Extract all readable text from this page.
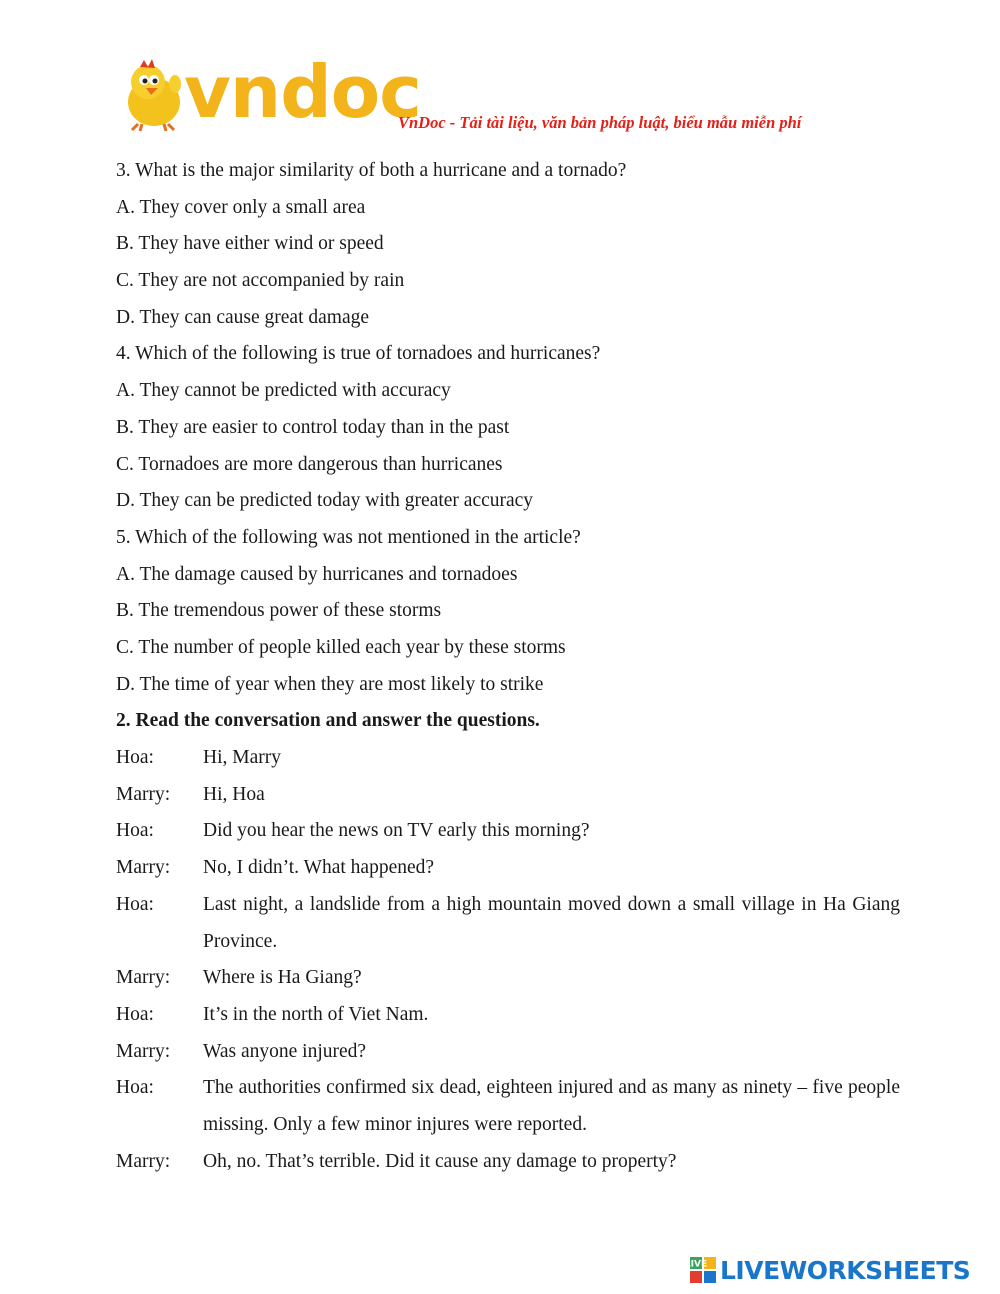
vndoc
VnDoc - Tải tài liệu, văn bản pháp luật, biểu mẫu miễn phí
3. What is the major similarity of both a hurricane and a tornado?
A. They cover only a small area
B. They have either wind or speed
C. They are not accompanied by rain
D. They can cause great damage
4. Which of the following is true of tornadoes and hurricanes?
A. They cannot be predicted with accuracy
B. They are easier to control today than in the past
C. Tornadoes are more dangerous than hurricanes
D. They can be predicted today with greater accuracy
5. Which of the following was not mentioned in the article?
A. The damage caused by hurricanes and tornadoes
B. The tremendous power of these storms
C. The number of people killed each year by these storms
D. The time of year when they are most likely to strike
2. Read the conversation and answer the questions.
Hoa:	Hi, Marry
Marry:	Hi, Hoa
Hoa:	Did you hear the news on TV early this morning?
Marry:	No, I didn’t. What happened?
Hoa:	Last night, a landslide from a high mountain moved down a small village in Ha Giang Province.
Marry:	Where is Ha Giang?
Hoa:	It’s in the north of Viet Nam.
Marry:	Was anyone injured?
Hoa:	The authorities confirmed six dead, eighteen injured and as many as ninety – five people missing. Only a few minor injures were reported.
Marry:	Oh, no. That’s terrible. Did it cause any damage to property?
LIVE LIVEWORKSHEETS
